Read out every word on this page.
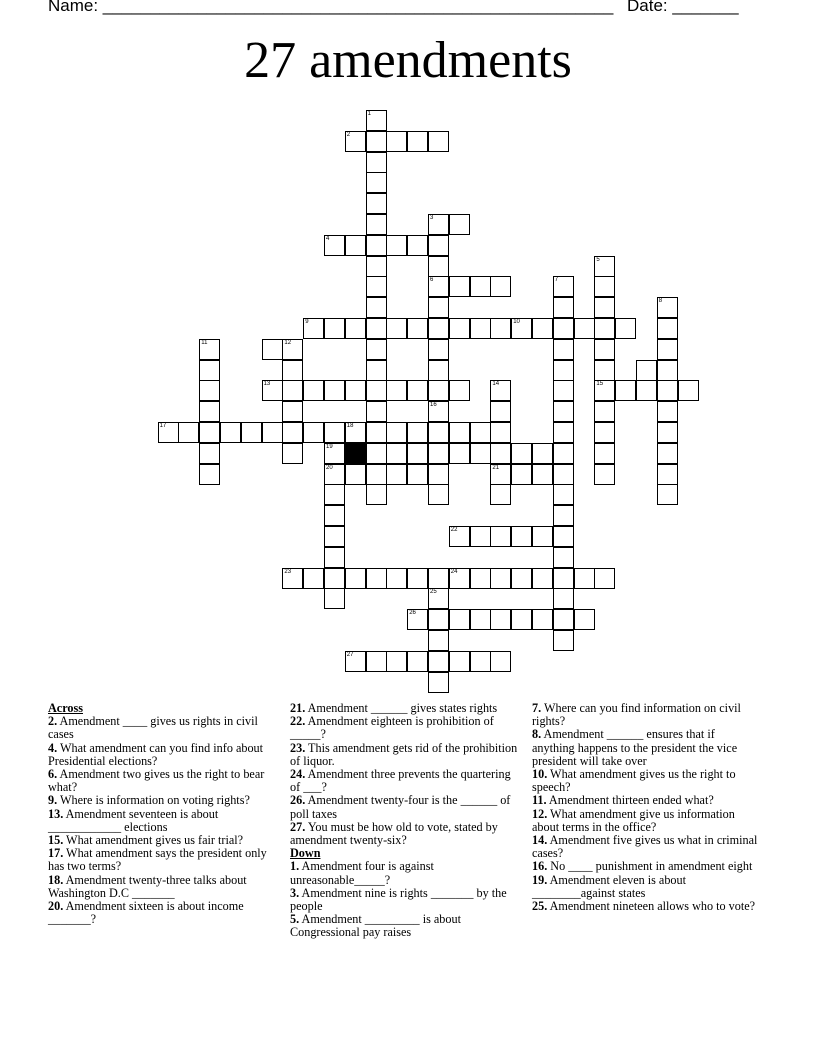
Name: ______________________________________________________ Date: _______
27 amendments
1
2
3
6
16
4
5
15
7
8
9	10
11	12
13	14
21
17	18
19
20
22
23	24
25
26
27
Across
2. Amendment ____ gives us rights in civil cases
4. What amendment can you find info about Presidential elections?
6. Amendment two gives us the right to bear what?
9. Where is information on voting rights?
13. Amendment seventeen is about ____________ elections
15. What amendment gives us fair trial?
17. What amendment says the president only has two terms?
18. Amendment twenty-three talks about Washington D.C _______
20. Amendment sixteen is about income _______?
21. Amendment ______ gives states rights
22. Amendment eighteen is prohibition of _____?
23. This amendment gets rid of the prohibition of liquor.
24. Amendment three prevents the quartering of ___?
26. Amendment twenty-four is the ______ of poll taxes
27. You must be how old to vote, stated by amendment twenty-six?
Down
1. Amendment four is against unreasonable_____?
3. Amendment nine is rights _______ by the people
5. Amendment _________ is about Congressional pay raises
7. Where can you find information on civil rights?
8. Amendment ______ ensures that if anything happens to the president the vice president will take over
10. What amendment gives us the right to speech?
11. Amendment thirteen ended what?
12. What amendment give us information about terms in the office?
14. Amendment five gives us what in criminal cases?
16. No ____ punishment in amendment eight
19. Amendment eleven is about ________against states
25. Amendment nineteen allows who to vote?
